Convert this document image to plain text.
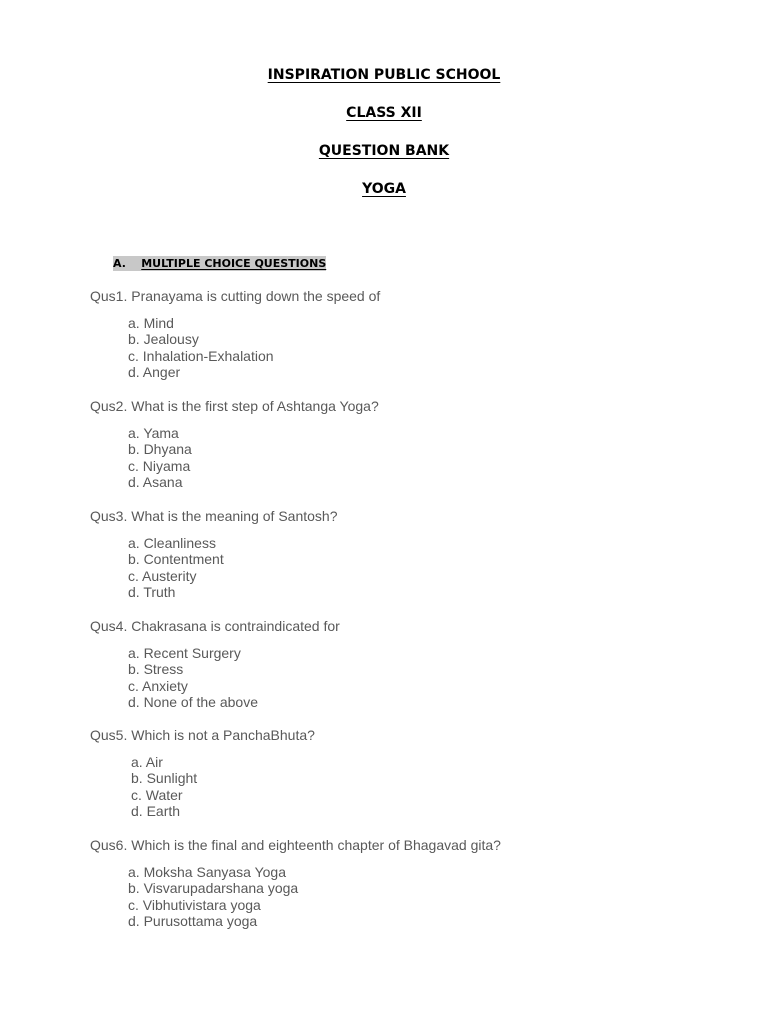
INSPIRATION PUBLIC SCHOOL
CLASS XII
QUESTION BANK
YOGA
A. MULTIPLE CHOICE QUESTIONS
Qus1. Pranayama is cutting down the speed of
a. Mind
b. Jealousy
c. Inhalation-Exhalation
d. Anger
Qus2. What is the first step of Ashtanga Yoga?
a. Yama
b. Dhyana
c. Niyama
d. Asana
Qus3. What is the meaning of Santosh?
a. Cleanliness
b. Contentment
c. Austerity
d. Truth
Qus4. Chakrasana is contraindicated for
a. Recent Surgery
b. Stress
c. Anxiety
d. None of the above
Qus5. Which is not a PanchaBhuta?
a. Air
b. Sunlight
c. Water
d. Earth
Qus6. Which is the final and eighteenth chapter of Bhagavad gita?
a. Moksha Sanyasa Yoga
b. Visvarupadarshana yoga
c. Vibhutivistara yoga
d. Purusottama yoga
